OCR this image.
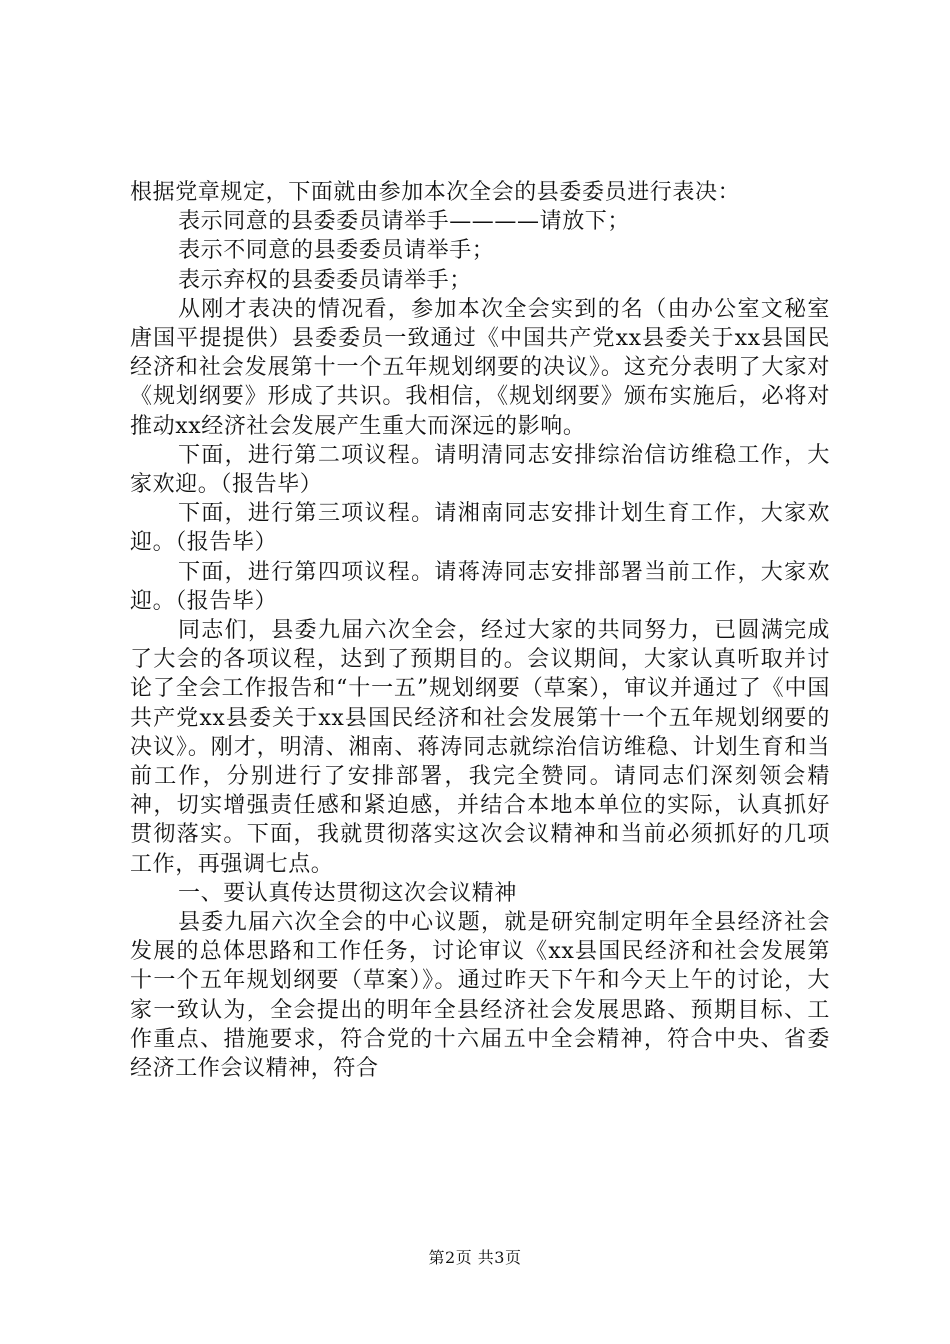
根据党章规定，下面就由参加本次全会的县委委员进行表决：

表示同意的县委委员请举手————请放下；

表示不同意的县委委员请举手；

表示弃权的县委委员请举手；

从刚才表决的情况看，参加本次全会实到的名（由办公室文秘室唐国平提提供）县委委员一致通过《中国共产党xx县委关于xx县国民经济和社会发展第十一个五年规划纲要的决议》。这充分表明了大家对《规划纲要》形成了共识。我相信，《规划纲要》颁布实施后，必将对推动xx经济社会发展产生重大而深远的影响。

下面，进行第二项议程。请明清同志安排综治信访维稳工作，大家欢迎。（报告毕）

下面，进行第三项议程。请湘南同志安排计划生育工作，大家欢迎。（报告毕）

下面，进行第四项议程。请蒋涛同志安排部署当前工作，大家欢迎。（报告毕）

同志们，县委九届六次全会，经过大家的共同努力，已圆满完成了大会的各项议程，达到了预期目的。会议期间，大家认真听取并讨论了全会工作报告和“十一五”规划纲要（草案），审议并通过了《中国共产党xx县委关于xx县国民经济和社会发展第十一个五年规划纲要的决议》。刚才，明清、湘南、蒋涛同志就综治信访维稳、计划生育和当前工作，分别进行了安排部署，我完全赞同。请同志们深刻领会精神，切实增强责任感和紧迫感，并结合本地本单位的实际，认真抓好贯彻落实。下面，我就贯彻落实这次会议精神和当前必须抓好的几项工作，再强调七点。

一、要认真传达贯彻这次会议精神

县委九届六次全会的中心议题，就是研究制定明年全县经济社会发展的总体思路和工作任务，讨论审议《xx县国民经济和社会发展第十一个五年规划纲要（草案）》。通过昨天下午和今天上午的讨论，大家一致认为，全会提出的明年全县经济社会发展思路、预期目标、工作重点、措施要求，符合党的十六届五中全会精神，符合中央、省委经济工作会议精神，符合

第2页 共3页
